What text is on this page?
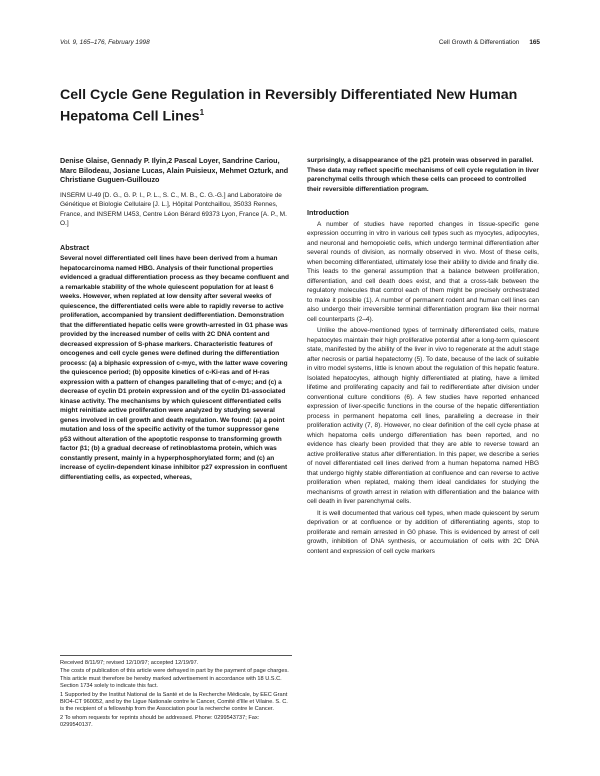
Vol. 9, 165–176, February 1998	Cell Growth & Differentiation 165
Cell Cycle Gene Regulation in Reversibly Differentiated New Human Hepatoma Cell Lines$^1$

Denise Glaise, Gennady P. Ilyin,2 Pascal Loyer, Sandrine Cariou, Marc Bilodeau, Josiane Lucas, Alain Puisieux, Mehmet Ozturk, and Christiane Guguen-Guillouzo

INSERM U-49 [D. G., G. P. I., P. L., S. C., M. B., C. G.-G.] and Laboratoire de Génétique et Biologie Cellulaire [J. L.], Hôpital Pontchaillou, 35033 Rennes, France, and INSERM U453, Centre Léon Bérard 69373 Lyon, France [A. P., M. O.]

Abstract

Several novel differentiated cell lines have been derived from a human hepatocarcinoma named HBG. Analysis of their functional properties evidenced a gradual differentiation process as they became confluent and a remarkable stability of the whole quiescent population for at least 6 weeks. However, when replated at low density after several weeks of quiescence, the differentiated cells were able to rapidly reverse to active proliferation, accompanied by transient dedifferentiation. Demonstration that the differentiated hepatic cells were growth-arrested in G1 phase was provided by the increased number of cells with 2C DNA content and decreased expression of S-phase markers. Characteristic features of oncogenes and cell cycle genes were defined during the differentiation process: (a) a biphasic expression of c-myc, with the latter wave covering the quiescence period; (b) opposite kinetics of c-Ki-ras and of H-ras expression with a pattern of changes paralleling that of c-myc; and (c) a decrease of cyclin D1 protein expression and of the cyclin D1-associated kinase activity. The mechanisms by which quiescent differentiated cells might reinitiate active proliferation were analyzed by studying several genes involved in cell growth and death regulation. We found: (a) a point mutation and loss of the specific activity of the tumor suppressor gene p53 without alteration of the apoptotic response to transforming growth factor β1; (b) a gradual decrease of retinoblastoma protein, which was constantly present, mainly in a hyperphosphorylated form; and (c) an increase of cyclin-dependent kinase inhibitor p27 expression in confluent differentiating cells, as expected, whereas,

surprisingly, a disappearance of the p21 protein was observed in parallel. These data may reflect specific mechanisms of cell cycle regulation in liver parenchymal cells through which these cells can proceed to controlled their reversible differentiation program.

Introduction

A number of studies have reported changes in tissue-specific gene expression occurring in vitro in various cell types such as myocytes, adipocytes, and neuronal and hemopoietic cells, which undergo terminal differentiation after several rounds of division, as normally observed in vivo. Most of these cells, when becoming differentiated, ultimately lose their ability to divide and finally die. This leads to the general assumption that a balance between proliferation, differentiation, and cell death does exist, and that a cross-talk between the regulatory molecules that control each of them might be precisely orchestrated to make it possible (1). A number of permanent rodent and human cell lines can also undergo their irreversible terminal differentiation program like their normal cell counterparts (2–4).

Unlike the above-mentioned types of terminally differentiated cells, mature hepatocytes maintain their high proliferative potential after a long-term quiescent state, manifested by the ability of the liver in vivo to regenerate at the adult stage after necrosis or partial hepatectomy (5). To date, because of the lack of suitable in vitro model systems, little is known about the regulation of this hepatic feature. Isolated hepatocytes, although highly differentiated at plating, have a limited lifetime and proliferating capacity and fail to redifferentiate after division under conventional culture conditions (6). A few studies have reported enhanced expression of liver-specific functions in the course of the hepatic differentiation process in permanent hepatoma cell lines, paralleling a decrease in their proliferation activity (7, 8). However, no clear definition of the cell cycle phase at which hepatoma cells undergo differentiation has been reported, and no evidence has clearly been provided that they are able to reverse toward an active proliferative status after differentiation. In this paper, we describe a series of novel differentiated cell lines derived from a human hepatoma named HBG that undergo highly stable differentiation at confluence and can reverse to active proliferation when replated, making them ideal candidates for studying the mechanisms of growth arrest in relation with differentiation and the balance with cell death in liver parenchymal cells.

It is well documented that various cell types, when made quiescent by serum deprivation or at confluence or by addition of differentiating agents, stop to proliferate and remain arrested in G0 phase. This is evidenced by arrest of cell growth, inhibition of DNA synthesis, or accumulation of cells with 2C DNA content and expression of cell cycle markers

Received 8/11/97; revised 12/10/97; accepted 12/19/97.

The costs of publication of this article were defrayed in part by the payment of page charges. This article must therefore be hereby marked advertisement in accordance with 18 U.S.C. Section 1734 solely to indicate this fact.

1 Supported by the Institut National de la Santé et de la Recherche Médicale, by EEC Grant BIO4-CT 960052, and by the Ligue Nationale contre le Cancer, Comité d'Ille et Vilaine. S. C. is the recipient of a fellowship from the Association pour la recherche contre le Cancer.

2 To whom requests for reprints should be addressed. Phone: 0299543737; Fax: 0299540137.
